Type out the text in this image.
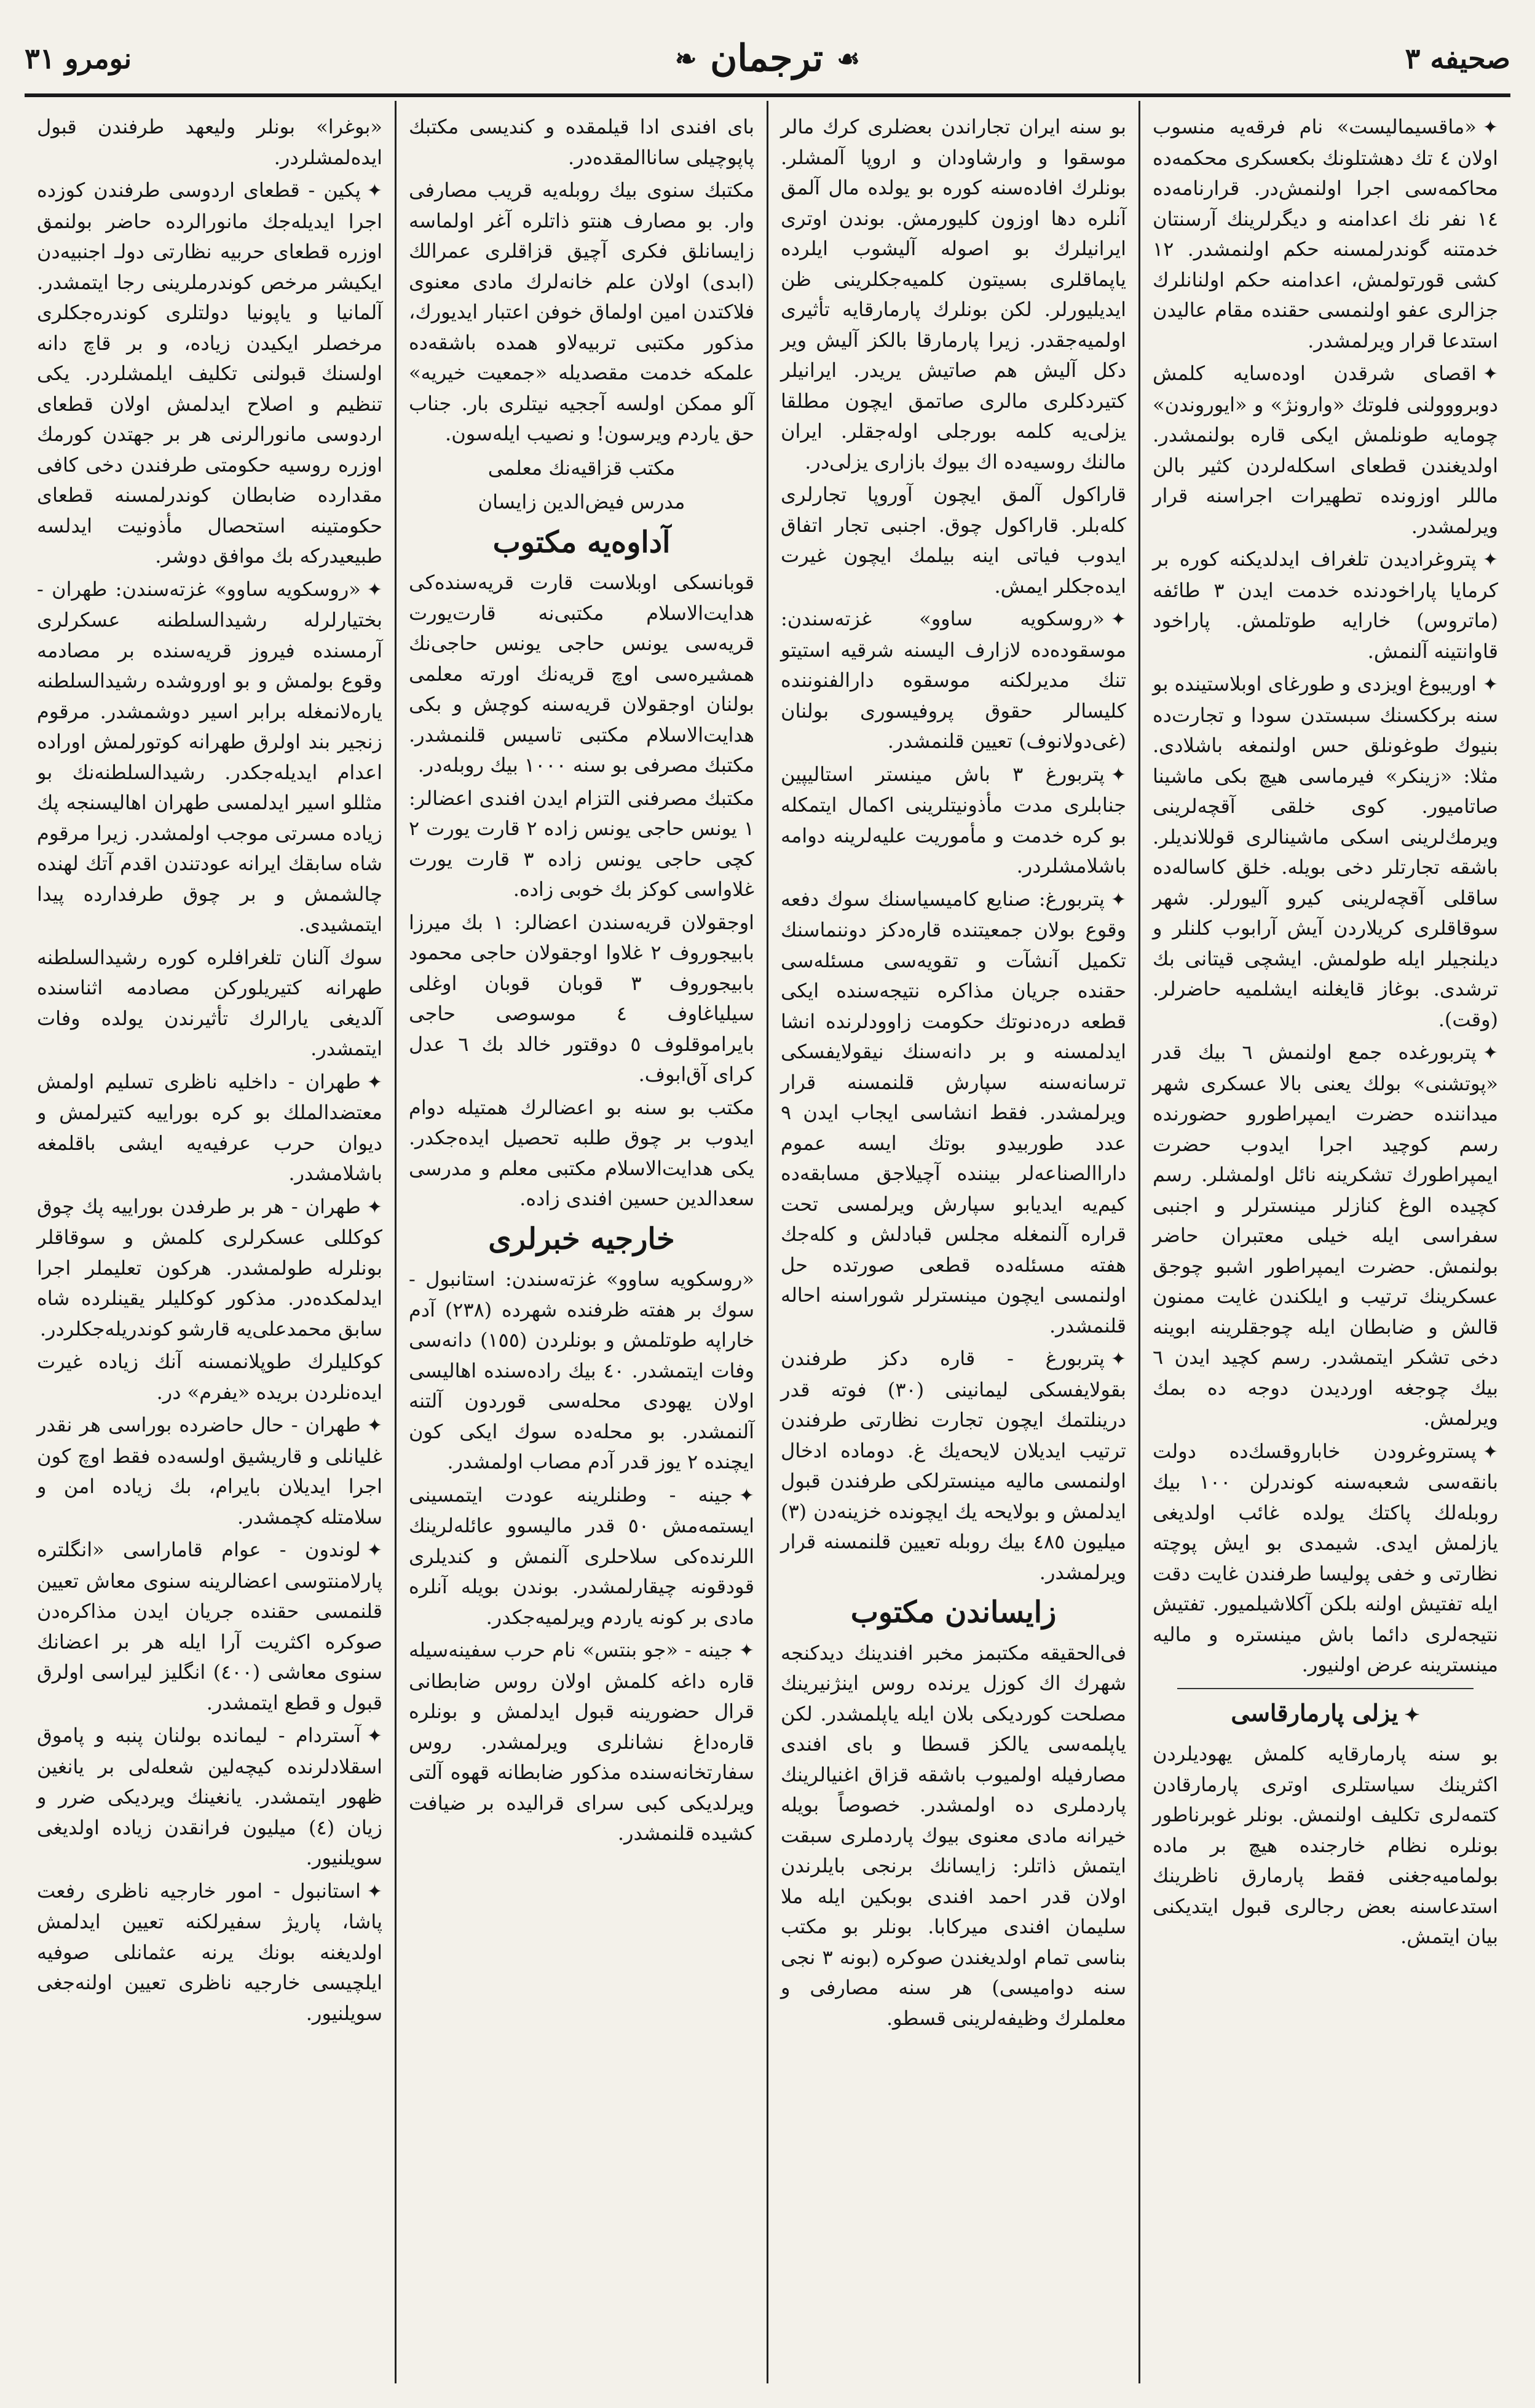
نومرو ٣١	❧ ترجمان ☙	صحيفه ٣

✦«ماقسيماليست» نام فرقه‌يه منسوب اولان ٤ تك دهشتلونك بكعسكری محكمه‌ده محاكمه‌سی اجرا اولنمش‌در. قرارنامه‌ده ١٤ نفر نك اعدامنه و دیگرلرینك آرسنتان خدمتنه گوندرلمسنه حكم اولنمشدر. ١٢ كشی قورتولمش، اعدامنه حكم اولنانلرك جزالری عفو اولنمسی حقنده مقام عالیدن استدعا قرار ویرلمشدر.

✦اقصای شرقدن اوده‌سایه كلمش دوبرووولنی فلوتك «وارونژ» و «ایوروندن» چومایه طونلمش ایكی قاره بولنمشدر. اولدیغندن قطعای اسكله‌لردن كثیر بالن ماللر اوزونده تطهیرات اجراسنه قرار ویرلمشدر.

✦پتروغرادیدن تلغراف ایدلدیكنه كوره بر كرمایا پاراخودنده خدمت ایدن ٣ طائفه (ماتروس) خارایه طوتلمش. پاراخود قاوانتینه آلنمش.

✦اوریبوغ اویزدی و طورغای اوبلاستینده بو سنه برككسنك سبستدن سودا و تجارت‌ده بنیوك طوغونلق حس اولنمغه باشلادی. مثلا: «زینكر» فیرماسی هیچ بكی ماشینا صاتامیور. كوی خلقی آقچه‌لرینی ویرمك‌لرینی اسكی ماشینالری قوللاندیلر. باشقه تجارتلر دخی بویله. خلق كاساله‌ده ساقلی آقچه‌لرینی كیرو آلیورلر. شهر سوقاقلری كریلاردن آیش آرابوب كلنلر و دیلنجیلر ایله طولمش. ایشچی قیتانی بك ترشدی. بوغاز قایغلنه ایشلمیه حاضرلر. (وقت).

✦پتربورغده جمع اولنمش ٦ بیك قدر «پوتشنی» بولك یعنی بالا عسكری شهر میداننده حضرت ایمپراطورو حضورنده رسم كوچید اجرا ایدوب حضرت ایمپراطورك تشكرینه نائل اولمشلر. رسم كچیده الوغ كنازلر مینسترلر و اجنبی سفراسی ایله خیلی معتبران حاضر بولنمش. حضرت ایمپراطور اشبو چوجق عسكرینك ترتیب و ایلكندن غایت ممنون قالش و ضابطان ایله چوجقلرینه ابوینه دخی تشكر ایتمشدر. رسم كچید ایدن ٦ بیك چوجغه اوردیدن دوجه ده بمك ویرلمش.

✦پسترو‌غرودن خابارو‌قسك‌ده دولت بانقه‌سی شعبه‌سنه كوندرلن ١٠٠ بیك روبله‌لك پاكتك یولده غائب اولدیغی یازلمش ایدی. شیمدی بو ایش پوچته نظارتی و خفی پولیسا طرفندن غایت دقت ایله تفتیش اولنه‌ بلكن آكلاشیلمیور. تفتیش نتیجه‌لری دائما باش مینستره و مالیه مینسترینه عرض او‌لنیور.

✦یزلی پارمارقاسی

بو سنه پارمارقایه كلمش یهودیلردن اكثرینك سیاستلری اوتری پارمارقادن كتمه‌لری تكلیف اولنمش. بونلر غوبرناطور بونلره نظام خارجنده هیچ بر ماده بولمامیه‌جغنی فقط پارمارق ناظرینك استدعاسنه بعض رجالری قبول ایتدیكنی بیان ایتمش.

بو سنه ایران تجاراندن بعضلری كرك مالر موسقوا و وارشاودان و اروپا آلمشلر. بونلرك افاده‌سنه كوره بو یولده مال آلمق آنلره دها اوزون كلیورمش. بوندن اوتری ایرانیلرك بو اصوله آلیشوب ایلرده یاپماقلری بسیتون كلمیه‌جكلرینی ظن ایدیلیورلر. لكن بونلرك پارمارقایه تأثیری اولمیه‌جقدر. زیرا پارمارقا بالكز آلیش ویر دكل آلیش هم صاتیش یریدر. ایرانیلر كتیردكلری مالری صاتمق ایچون مطلقا یزلی‌یه كلمه بورجلی اوله‌جقلر. ایران مالنك روسیه‌ده اك بیوك بازاری یزلی‌در.

قاراكول آلمق ایچون آوروپا تجارلری كله‌بلر. قاراكول چوق. اجنبی تجار اتفاق ایدوب فیاتی اینه بیلمك ایچون غیرت ایده‌جكلر ایمش.

✦«روسكویه ساوو» غزته‌سندن: موسقوده‌ده لازارف الیسنه شرقیه استیتو تنك مدیرلكنه موسقوه دارالفنوننده كلیسالر حقوق پروفیسوری بولنان (غی‌دو‌لانوف) تعیین قلنمشدر.

✦پتربورغ ٣ باش مینستر استالیپین جنابلری مدت مأذونیتلرینی اكمال ایتمكله بو كره خدمت و مأموریت علیه‌لرینه دوامه باشلامشلردر.

✦پتربورغ: صنایع كامیسیاسنك سوك دفعه وقوع بولان جمعیتنده قاره‌دكز دوننماسنك تكمیل آنشآت و تقویه‌سی مسئله‌سی حقنده جریان مذاكره نتیجه‌سنده ایكی قطعه دره‌دنوتك حكومت زاوودلرنده انشا ایدلمسنه و بر دانه‌سنك نیقولایفسكی ترسانه‌سنه سپارش قلنمسنه قرار ویرلمشدر. فقط انشاسی ایجاب ایدن ٩ عدد طوربیدو بوتك ایسه عموم داراالصناعه‌لر بیننده آچیلاجق مسابقه‌ده كیم‌یه ایدیابو سپارش ویرلمسی تحت قراره آلنمغله مجلس قبادلش و كله‌جك هفته مسئله‌ده قطعی صورتده حل اولنمسی ایچون مینسترلر شوراسنه احاله قلنمشدر.

✦پتربورغ - قاره‌ دكز طرفندن بقو‌لایفسكی لیمانینی (٣٠) فوته قدر درینلتمك ایچون تجارت نظارتی طرفندن ترتیب ایدیلان لایحه‌یك غ. دوماده ادخال اولنمسی مالیه مینسترلكی طرفندن قبول ایدلمش و بولایحه‌ یك ایچونده خزینه‌دن (٣) میلیون ٤٨٥ بیك روبله تعیین قلنمسنه قرار ویرلمشدر.

زایساندن مكتوب

فی‌الحقیقه مكتبمز مخبر افندینك دیدكنجه شهرك اك كوزل یرنده روس اینژنیرینك مصلحت كوردیكی بلان ایله یاپلمشدر. لكن یاپلمه‌سی یالكز قسطا و بای افندی مصارفیله اولمیوب باشقه قزاق اغنیالرینك پاردملری ده اولمشدر. خصوصاً بویله خیرانه مادی معنوی بیوك پاردملری سبقت ایتمش ذاتلر: زایسانك برنجی بایلرندن اولان قدر احمد افندی بوبكین ایله ملا سلیمان افندی میركابا. بونلر بو مكتب بناسی تمام اولدیغندن صوكره (بونه ٣ نجی سنه دوامیسی) هر سنه مصارفی و معلملرك وظیفه‌لرینی قسطو.

بای افندی ادا قیلمقده و كندیسی مكتبك پاپوچیلی ساناالمقده‌در.

مكتبك سنوی بیك روبله‌یه قریب مصارفی وار. بو مصارف هنتو ذاتلره آغر اولماسه زایسانلق فكری آچیق قزاقلری عمرالك (ابدی) اولان علم خانه‌لرك مادی معنوی فلاكتدن امین اولماق خوفن اعتبار ایدیورك، مذكور مكتبی تربیه‌لاو همده باشقه‌ده علمكه خدمت مقصدیله «جمعیت خیریه» آلو ممكن اولسه آججیه نیتلری بار. جناب حق یاردم ویرسون! و نصیب ایله‌سون.

مكتب قزاقیه‌نك معلمی
مدرس فیض‌الدین زایسان
آداوه‌یه مكتوب

قوبانسكی اوبلاست قارت قریه‌سنده‌كی هدایت‌الاسلام مكتبی‌نه قارت‌یورت قریه‌سی یونس حاجی یونس حاجی‌نك همشیره‌سی اوچ قریه‌نك اورته معلمی بولنان اوجقولان قریه‌سنه كوچش و بكی هدایت‌الاسلام مكتبی تاسیس قلنمشدر. مكتبك مصرفی بو سنه ١٠٠٠ بیك روبله‌در.

مكتبك مصرفنی التزام ایدن افندی اعضالر: ١ یونس حاجی یونس زاده ٢ قارت یورت ٢ كچی حاجی یونس زاده ٣ قارت یورت غلاواسی كوكز بك خوبی زاده.

اوجقولان قریه‌سندن اعضالر: ١ بك میرزا بابیجوروف ٢ غلاوا اوجقولان حاجی محمود بابیجوروف ٣ قوبان قوبان اوغلی سیلیاغاوف ٤ موسوصی حاجی بایراموقلوف ٥ دوقتور خالد بك ٦ عدل كرای آق‌ابوف.

مكتب بو سنه بو اعضالرك همتیله دوام ایدوب بر چوق طلبه تحصیل ایده‌جكدر. یكی هدایت‌الاسلام مكتبی معلم و مدرسی سعدالدین حسین افندی زاده.

خارجیه خبرلری

«روسكویه ساوو» غزته‌سندن: استانبول - سوك بر هفته ظرفنده شهرده (٢٣٨) آدم خاراپه طوتلمش و بونلردن (١٥٥) دانه‌سی وفات ایتمشدر. ٤٠ بیك راده‌سنده اهالیسی اولان یهودی محله‌سی قوردون آلتنه آلنمشدر. بو محله‌ده سوك ایكی كون ایچنده ٢ یوز قدر آدم مصاب اولمشدر.

✦جینه - وطنلرینه عودت ایتمسینی ایستمه‌مش ٥٠ قدر مالیسوو عائله‌لرینك اللرنده‌كی سلاحلری آلنمش و كندیلری قودقونه چیقارلمشدر. بوندن بویله آنلره مادی بر كونه یاردم ویرلمیه‌جكدر.

✦جینه - «جو بنتس» نام حرب سفینه‌سیله قاره داغه كلمش اولان روس ضابطانی قرال حضورینه قبول ایدلمش و بو‌نلره قاره‌داغ نشانلری ویرلمشدر. روس سفارتخانه‌سنده مذكور ضابطانه قهوه آلتی ویرلدیكی كبی سرای قرالیده بر ضیافت كشیده قلنمشدر.

«بوغرا» بونلر ولیعهد طرفندن قبول ایده‌لمشلردر.

✦پكین - قطعای اردوسی طرفندن كوزده اجرا ایدیله‌جك مانورالرده حاضر بولنمق اوزره قطعای حربیه نظارتی دولـ اجنبیه‌دن ایكیشر مرخص كوندرملرینی رجا ایتمشدر. آلمانیا و یاپونیا دولتلری كوندره‌جكلری مرخصلر ایكیدن زیاده، و بر قاچ دانه اولسنك قبولنی تكلیف ایلمشلردر. یكی تنظیم و اصلاح ایدلمش اولان قطعای اردوسی مانورالرنی هر بر جهتدن كورمك اوزره روسیه حكومتی طرفندن دخی كافی مقدارده ضابطان كوندرلمسنه قطعای حكومتینه استحصال مأذونیت ایدلسه طبیعیدركه بك موافق دوشر.

✦«روسكویه ساوو» غزته‌سندن: طهران - بختیارلرله رشیدالسلطنه عسكرلری آرمسنده فیروز قریه‌سنده بر مصادمه وقوع بولمش و بو اوروشده رشیدالسلطنه یاره‌لانمغله برابر اسیر دوشمشدر. مرقوم زنجیر بند اولرق طهرانه كوتورلمش اوراده اعدام ایدیله‌جكدر. رشیدالسلطنه‌نك بو مثللو اسیر ایدلمسی طهران اهالیسنجه پك زیاده مسرتی موجب اولمشدر. زیرا مرقوم شاه سابقك ایرانه عودتندن اقدم آتك لهنده چالشمش و بر چوق طرفدارده پیدا ایتمشیدی.

سوك آلنان تلغرافلره كوره رشیدالسلطنه طهرانه كتیریلوركن مصادمه اثنا‌سنده آلدیغی یارالرك تأثیرندن یولده وفات ایتمشدر.

✦طهران - داخلیه ناظری تسلیم اولمش معتضدالملك بو كره بوراییه كتیرلمش و دیوان حرب عرفیه‌یه ایشی باقلمغه باشلامشدر.

✦طهران - هر بر طرفدن بوراییه پك چوق كوكللی عسكرلری كلمش و سوقاقلر بونلرله طولمشدر. هركون تعلیملر اجرا ایدلمكده‌در. مذكور كوكلیلر یقینلرده شاه سابق محمدعلی‌یه قارشو كوندریله‌جكلردر.

كوكلیلرك طوپلانمسنه آنك زیاده غیرت ایده‌نلردن بریده «یفرم» در.

✦طهران - حال حاضرده بوراسی هر نقدر غلیانلی و قاریشیق اولسه‌ده فقط اوچ كون اجرا ایدیلان بایرام، بك زیاده امن و سلامتله كچمشدر.

✦لوندون - عوام قاماراسی «انگلتره پارلامنتوسی اعضالرینه سنوی معاش تعیین قلنمسی حقنده جریان ایدن مذاكره‌دن صوكره اكثریت آرا ایله هر بر اعضانك سنوی معاشی (٤٠٠) انگلیز لیراسی اولرق قبول و قطع ایتمشدر.

✦آستردام - لیمانده بولنان پنبه و پاموق اسقلادلرنده كیچه‌لین شعله‌لی بر یانغین ظهور ایتمشدر. یانغینك ویردیكی ضرر و زیان (٤) میلیون فرانقدن زیاده اولدیغی سویلنیور.

✦استانبول - امور خارجیه ناظری رفعت پاشا، پاریژ سفیرلكنه تعیین ایدلمش اولدیغنه بونك یرنه عثمانلی صوفیه ایلچیسی خارجیه ناظری تعیین اولنه‌جغی سویلنیور.
